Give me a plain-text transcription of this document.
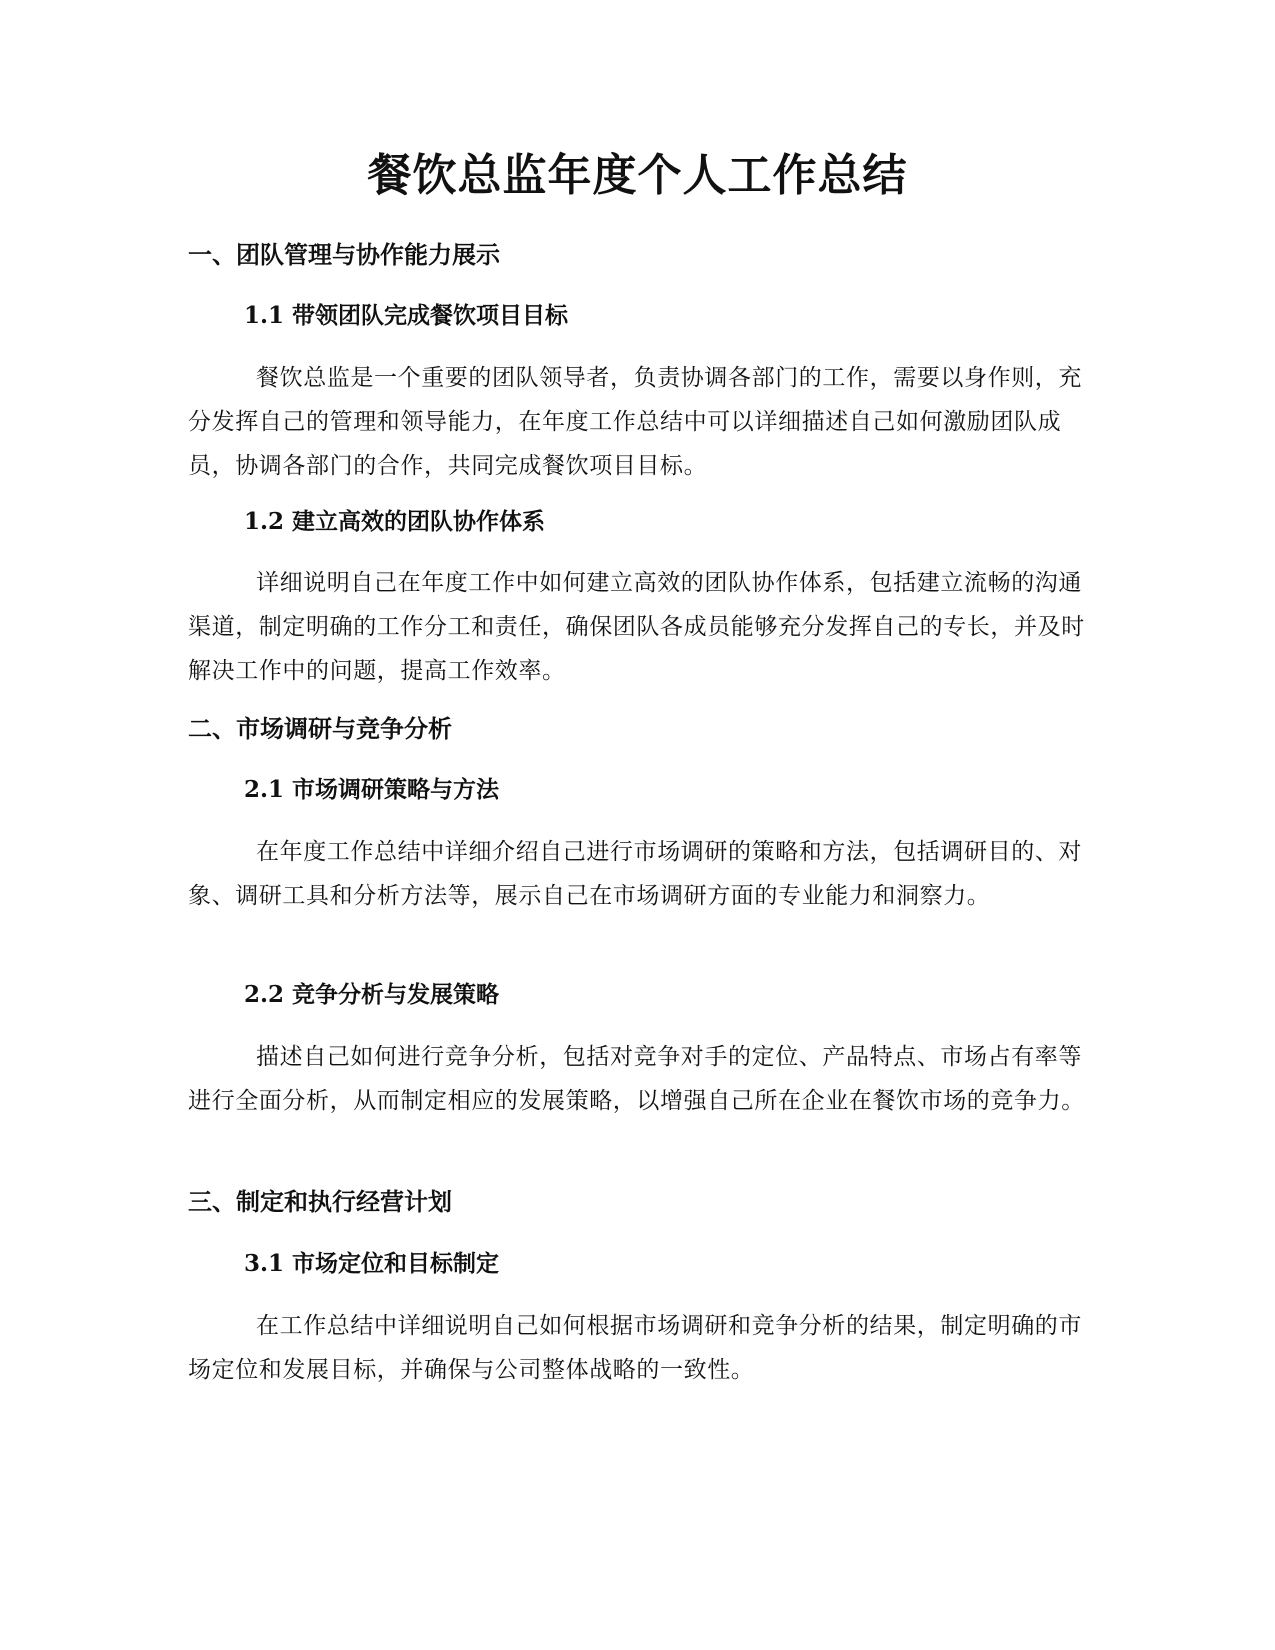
餐饮总监年度个人工作总结
一、团队管理与协作能力展示
1.1 带领团队完成餐饮项目目标

餐饮总监是一个重要的团队领导者，负责协调各部门的工作，需要以身作则，充分发挥自己的管理和领导能力，在年度工作总结中可以详细描述自己如何激励团队成员，协调各部门的合作，共同完成餐饮项目目标。

1.2 建立高效的团队协作体系

详细说明自己在年度工作中如何建立高效的团队协作体系，包括建立流畅的沟通渠道，制定明确的工作分工和责任，确保团队各成员能够充分发挥自己的专长，并及时解决工作中的问题，提高工作效率。

二、市场调研与竞争分析
2.1 市场调研策略与方法

在年度工作总结中详细介绍自己进行市场调研的策略和方法，包括调研目的、对象、调研工具和分析方法等，展示自己在市场调研方面的专业能力和洞察力。

2.2 竞争分析与发展策略

描述自己如何进行竞争分析，包括对竞争对手的定位、产品特点、市场占有率等进行全面分析，从而制定相应的发展策略，以增强自己所在企业在餐饮市场的竞争力。

三、制定和执行经营计划
3.1 市场定位和目标制定

在工作总结中详细说明自己如何根据市场调研和竞争分析的结果，制定明确的市场定位和发展目标，并确保与公司整体战略的一致性。
